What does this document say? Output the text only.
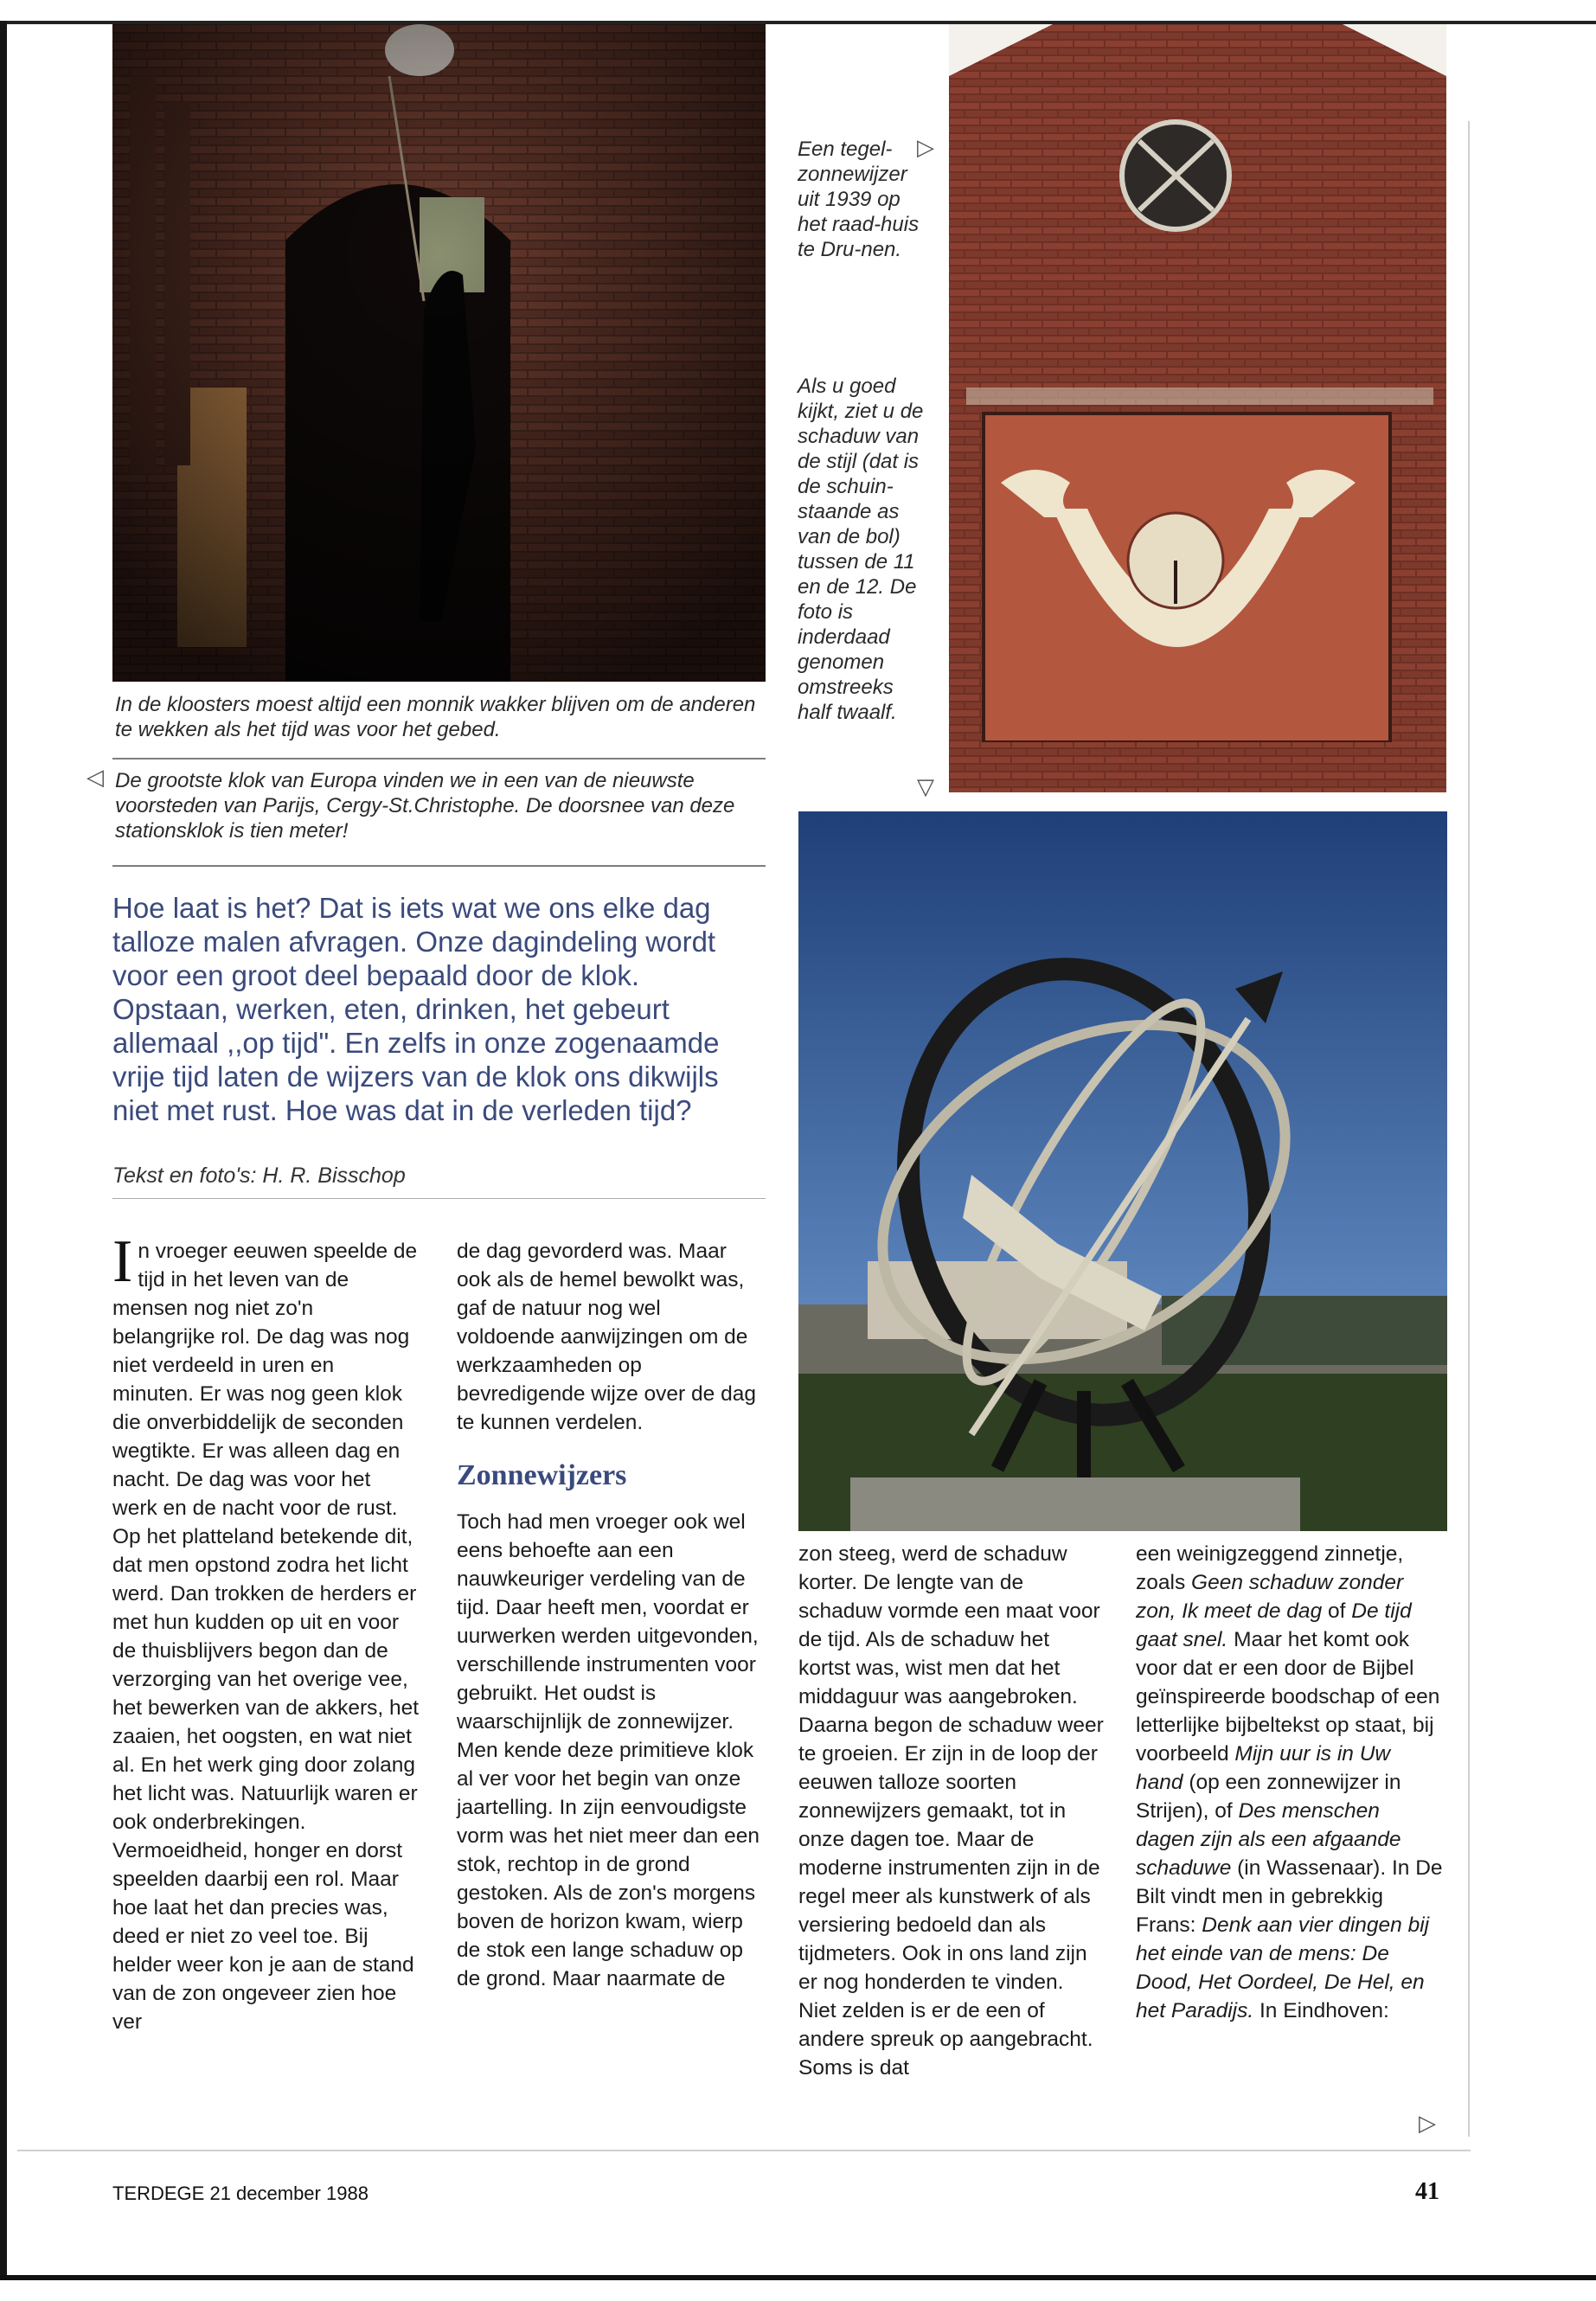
In de kloosters moest altijd een monnik wakker blijven om de anderen te wekken als het tijd was voor het gebed.

◁ De grootste klok van Europa vinden we in een van de nieuwste voorsteden van Parijs, Cergy-St.Christophe. De doorsnee van deze stationsklok is tien meter!

Een tegel-zonnewijzer uit 1939 op het raad-huis te Dru-nen.

▷

Als u goed kijkt, ziet u de schaduw van de stijl (dat is de schuin-staande as van de bol) tussen de 11 en de 12. De foto is inderdaad genomen omstreeks half twaalf.

▽

Hoe laat is het? Dat is iets wat we ons elke dag talloze malen afvragen. Onze dagindeling wordt voor een groot deel bepaald door de klok. Opstaan, werken, eten, drinken, het gebeurt allemaal ,,op tijd". En zelfs in onze zogenaamde vrije tijd laten de wijzers van de klok ons dikwijls niet met rust. Hoe was dat in de verleden tijd?

Tekst en foto's: H. R. Bisschop

In vroeger eeuwen speelde de tijd in het leven van de mensen nog niet zo'n belangrijke rol. De dag was nog niet verdeeld in uren en minuten. Er was nog geen klok die onverbiddelijk de seconden wegtikte. Er was alleen dag en nacht. De dag was voor het werk en de nacht voor de rust. Op het platteland betekende dit, dat men opstond zodra het licht werd. Dan trokken de herders er met hun kudden op uit en voor de thuisblijvers begon dan de verzorging van het overige vee, het bewerken van de akkers, het zaaien, het oogsten, en wat niet al. En het werk ging door zolang het licht was. Natuurlijk waren er ook onderbrekingen. Vermoeidheid, honger en dorst speelden daarbij een rol. Maar hoe laat het dan precies was, deed er niet zo veel toe. Bij helder weer kon je aan de stand van de zon ongeveer zien hoe ver

de dag gevorderd was. Maar ook als de hemel bewolkt was, gaf de natuur nog wel voldoende aanwijzingen om de werkzaamheden op bevredigende wijze over de dag te kunnen verdelen.

Zonnewijzers

Toch had men vroeger ook wel eens behoefte aan een nauwkeuriger verdeling van de tijd. Daar heeft men, voordat er uurwerken werden uitgevonden, verschillende instrumenten voor gebruikt. Het oudst is waarschijnlijk de zonnewijzer. Men kende deze primitieve klok al ver voor het begin van onze jaartelling. In zijn eenvoudigste vorm was het niet meer dan een stok, rechtop in de grond gestoken. Als de zon's morgens boven de horizon kwam, wierp de stok een lange schaduw op de grond. Maar naarmate de

zon steeg, werd de schaduw korter. De lengte van de schaduw vormde een maat voor de tijd. Als de schaduw het kortst was, wist men dat het middaguur was aangebroken. Daarna begon de schaduw weer te groeien. Er zijn in de loop der eeuwen talloze soorten zonnewijzers gemaakt, tot in onze dagen toe. Maar de moderne instrumenten zijn in de regel meer als kunstwerk of als versiering bedoeld dan als tijdmeters. Ook in ons land zijn er nog honderden te vinden. Niet zelden is er de een of andere spreuk op aangebracht. Soms is dat

een weinigzeggend zinnetje, zoals Geen schaduw zonder zon, Ik meet de dag of De tijd gaat snel. Maar het komt ook voor dat er een door de Bijbel geïnspireerde boodschap of een letterlijke bijbeltekst op staat, bij voorbeeld Mijn uur is in Uw hand (op een zonnewijzer in Strijen), of Des menschen dagen zijn als een afgaande schaduwe (in Wassenaar). In De Bilt vindt men in gebrekkig Frans: Denk aan vier dingen bij het einde van de mens: De Dood, Het Oordeel, De Hel, en het Paradijs. In Eindhoven:

▷

TERDEGE 21 december 1988	41
